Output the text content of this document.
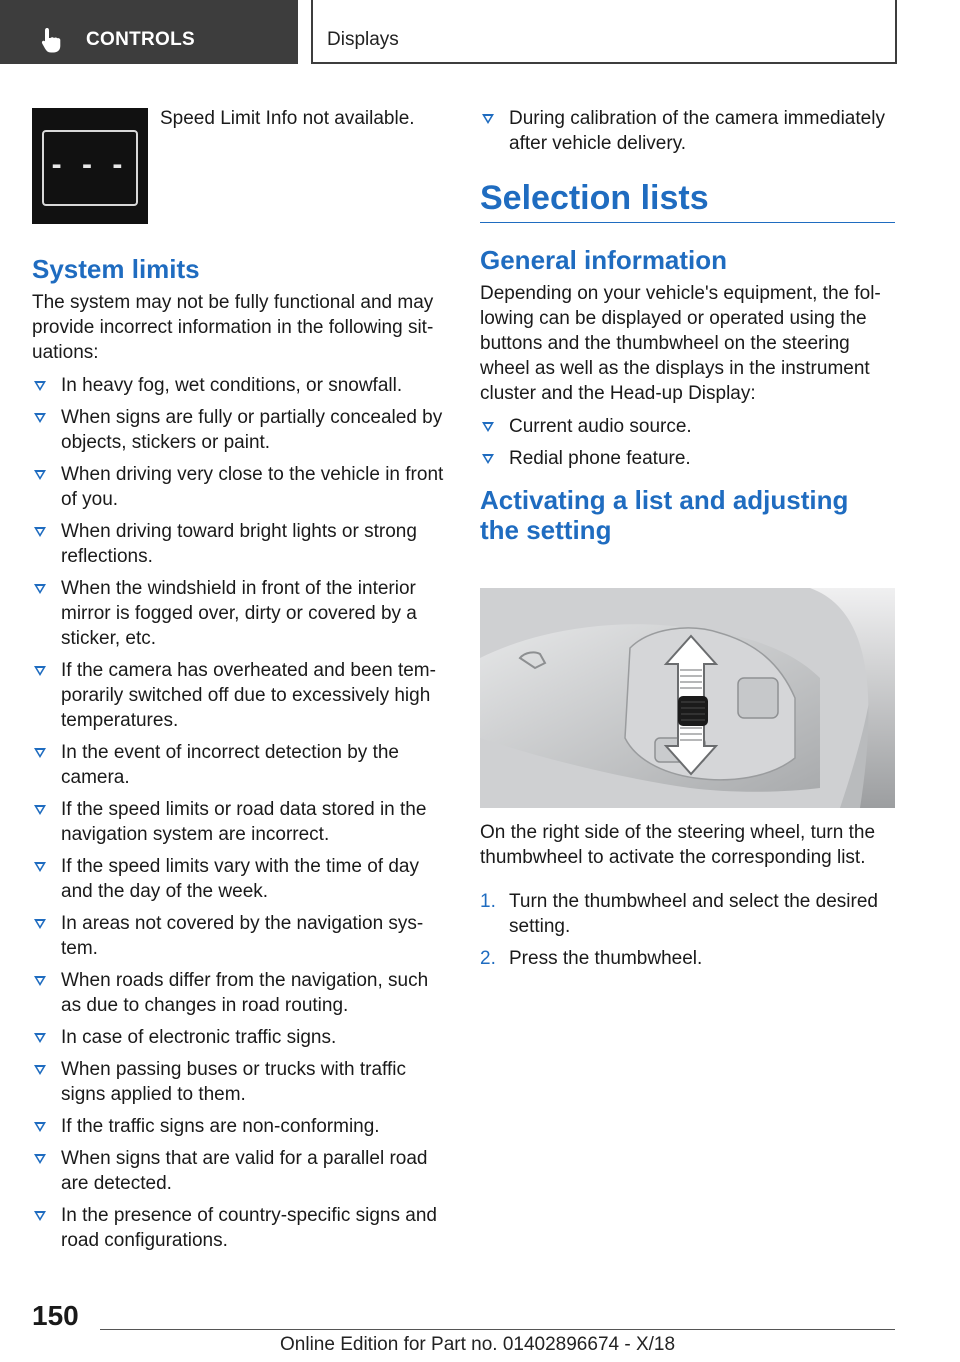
CONTROLS	Displays
- - -
Speed Limit Info not available.
System limits

The system may not be fully functional and may provide incorrect information in the following sit- uations:

In heavy fog, wet conditions, or snowfall.
When signs are fully or partially concealed by objects, stickers or paint.
When driving very close to the vehicle in front of you.
When driving toward bright lights or strong reflections.
When the windshield in front of the interior mirror is fogged over, dirty or covered by a sticker, etc.
If the camera has overheated and been tem- porarily switched off due to excessively high temperatures.
In the event of incorrect detection by the camera.
If the speed limits or road data stored in the navigation system are incorrect.
If the speed limits vary with the time of day and the day of the week.
In areas not covered by the navigation sys- tem.
When roads differ from the navigation, such as due to changes in road routing.
In case of electronic traffic signs.
When passing buses or trucks with traffic signs applied to them.
If the traffic signs are non-conforming.
When signs that are valid for a parallel road are detected.
In the presence of country-specific signs and road configurations.
During calibration of the camera immediately after vehicle delivery.
Selection lists
General information

Depending on your vehicle's equipment, the fol- lowing can be displayed or operated using the buttons and the thumbwheel on the steering wheel as well as the displays in the instrument cluster and the Head-up Display:

Current audio source.
Redial phone feature.
Activating a list and adjusting the setting

On the right side of the steering wheel, turn the thumbwheel to activate the corresponding list.

1. Turn the thumbwheel and select the desired setting.
2. Press the thumbwheel.
150
Online Edition for Part no. 01402896674 - X/18
